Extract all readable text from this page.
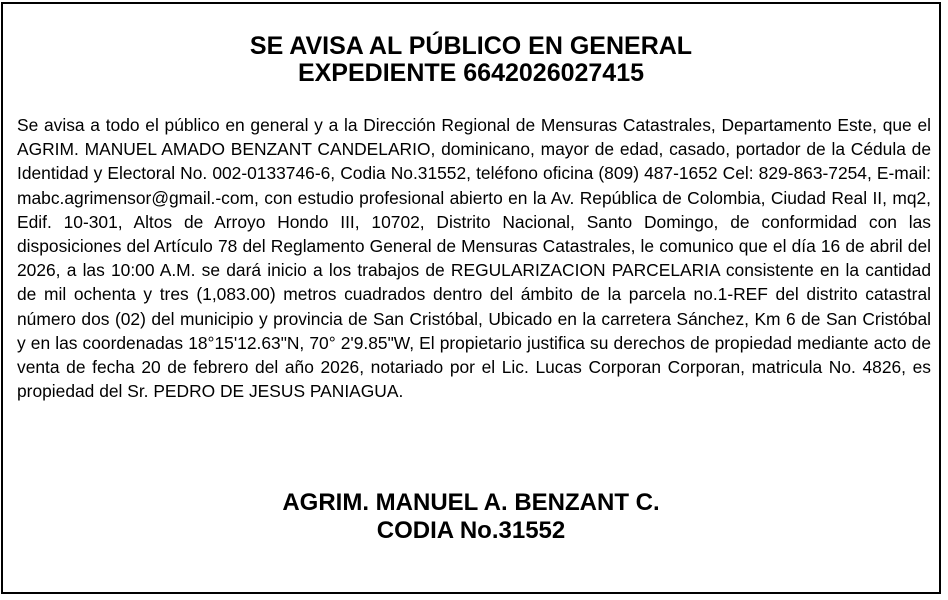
SE AVISA AL PÚBLICO EN GENERAL
EXPEDIENTE 6642026027415

Se avisa a todo el público en general y a la Dirección Regional de Mensuras Catastrales, Departamento Este, que el AGRIM. MANUEL AMADO BENZANT CANDELARIO, dominicano, mayor de edad, casado, portador de la Cédula de Identidad y Electoral No. 002-0133746-6, Codia No.31552, teléfono oficina (809) 487-1652 Cel: 829-863-7254, E-mail: mabc.agrimensor@gmail.-com, con estudio profesional abierto en la Av. República de Colombia, Ciudad Real II, mq2, Edif. 10-301, Altos de Arroyo Hondo III, 10702, Distrito Nacional, Santo Domingo, de conformidad con las disposiciones del Artículo 78 del Reglamento General de Mensuras Catastrales, le comunico que el día 16 de abril del 2026, a las 10:00 A.M. se dará inicio a los trabajos de REGULARIZACION PARCELARIA consistente en la cantidad de mil ochenta y tres (1,083.00) metros cuadrados dentro del ámbito de la parcela no.1-REF del distrito catastral número dos (02) del municipio y provincia de San Cristóbal, Ubicado en la carretera Sánchez, Km 6 de San Cristóbal y en las coordenadas 18°15'12.63"N, 70° 2'9.85"W, El propietario justifica su derechos de propiedad mediante acto de venta de fecha 20 de febrero del año 2026, notariado por el Lic. Lucas Corporan Corporan, matricula No. 4826, es propiedad del Sr. PEDRO DE JESUS PANIAGUA.

AGRIM. MANUEL A. BENZANT C.
CODIA No.31552
